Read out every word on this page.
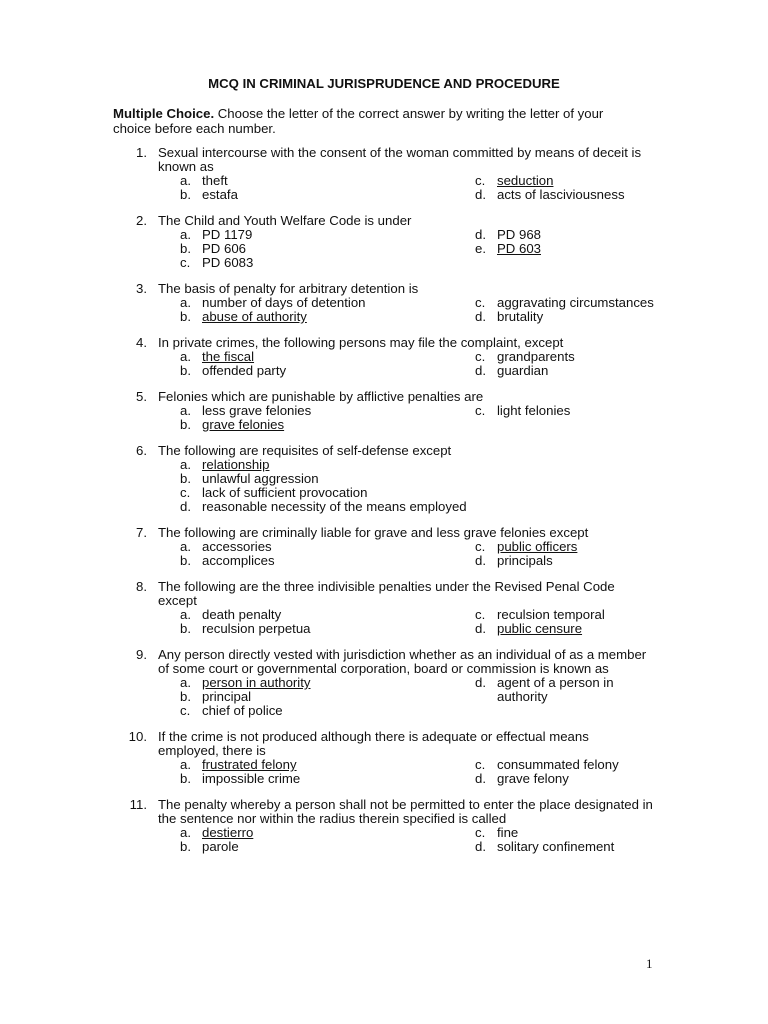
MCQ IN CRIMINAL JURISPRUDENCE AND PROCEDURE
Multiple Choice. Choose the letter of the correct answer by writing the letter of your choice before each number.
1. Sexual intercourse with the consent of the woman committed by means of deceit is known as
a. theft
b. estafa
c. seduction
d. acts of lasciviousness
2. The Child and Youth Welfare Code is under
a. PD 1179
b. PD 606
c. PD 6083
d. PD 968
e. PD 603
3. The basis of penalty for arbitrary detention is
a. number of days of detention
b. abuse of authority
c. aggravating circumstances
d. brutality
4. In private crimes, the following persons may file the complaint, except
a. the fiscal
b. offended party
c. grandparents
d. guardian
5. Felonies which are punishable by afflictive penalties are
a. less grave felonies
b. grave felonies
c. light felonies
6. The following are requisites of self-defense except
a. relationship
b. unlawful aggression
c. lack of sufficient provocation
d. reasonable necessity of the means employed
7. The following are criminally liable for grave and less grave felonies except
a. accessories
b. accomplices
c. public officers
d. principals
8. The following are the three indivisible penalties under the Revised Penal Code except
a. death penalty
b. reculsion perpetua
c. reculsion temporal
d. public censure
9. Any person directly vested with jurisdiction whether as an individual of as a member of some court or governmental corporation, board or commission is known as
a. person in authority
b. principal
c. chief of police
d. agent of a person in authority
10. If the crime is not produced although there is adequate or effectual means employed, there is
a. frustrated felony
b. impossible crime
c. consummated felony
d. grave felony
11. The penalty whereby a person shall not be permitted to enter the place designated in the sentence nor within the radius therein specified is called
a. destierro
b. parole
c. fine
d. solitary confinement
1
